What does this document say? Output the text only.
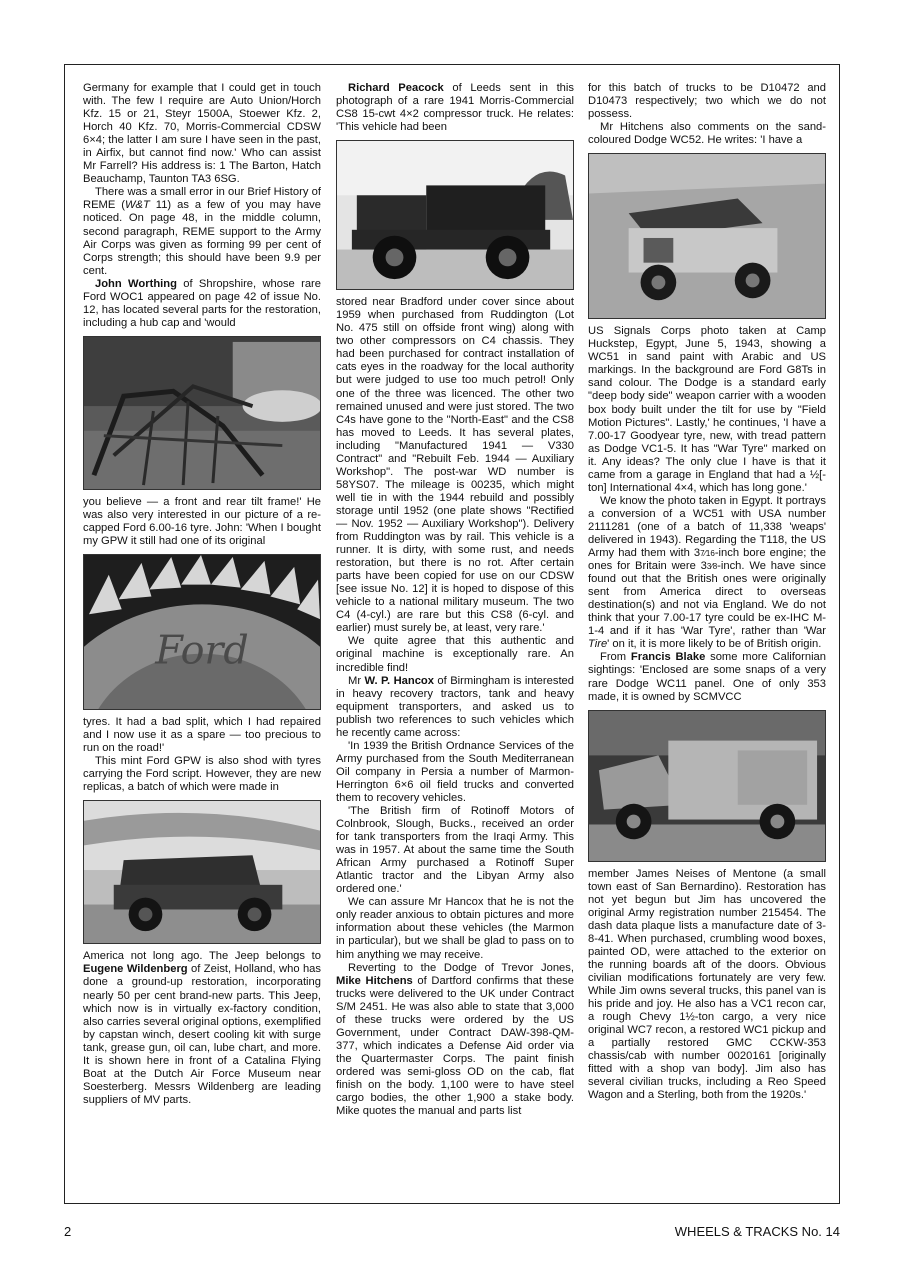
Germany for example that I could get in touch with. The few I require are Auto Union/Horch Kfz. 15 or 21, Steyr 1500A, Stoewer Kfz. 2, Horch 40 Kfz. 70, Morris-Commercial CDSW 6×4; the latter I am sure I have seen in the past, in Airfix, but cannot find now.' Who can assist Mr Farrell? His address is: 1 The Barton, Hatch Beauchamp, Taunton TA3 6SG.

There was a small error in our Brief History of REME (W&T 11) as a few of you may have noticed. On page 48, in the middle column, second paragraph, REME support to the Army Air Corps was given as forming 99 per cent of Corps strength; this should have been 9.9 per cent.

John Worthing of Shropshire, whose rare Ford WOC1 appeared on page 42 of issue No. 12, has located several parts for the restoration, including a hub cap and 'would

you believe — a front and rear tilt frame!' He was also very interested in our picture of a re-capped Ford 6.00-16 tyre. John: 'When I bought my GPW it still had one of its original

Ford

tyres. It had a bad split, which I had repaired and I now use it as a spare — too precious to run on the road!'

This mint Ford GPW is also shod with tyres carrying the Ford script. However, they are new replicas, a batch of which were made in

America not long ago. The Jeep belongs to Eugene Wildenberg of Zeist, Holland, who has done a ground-up restoration, incorporating nearly 50 per cent brand-new parts. This Jeep, which now is in virtually ex-factory condition, also carries several original options, exemplified by capstan winch, desert cooling kit with surge tank, grease gun, oil can, lube chart, and more. It is shown here in front of a Catalina Flying Boat at the Dutch Air Force Museum near Soesterberg. Messrs Wildenberg are leading suppliers of MV parts.

Richard Peacock of Leeds sent in this photograph of a rare 1941 Morris-Commercial CS8 15-cwt 4×2 compressor truck. He relates: 'This vehicle had been

stored near Bradford under cover since about 1959 when purchased from Ruddington (Lot No. 475 still on offside front wing) along with two other compressors on C4 chassis. They had been purchased for contract installation of cats eyes in the roadway for the local authority but were judged to use too much petrol! Only one of the three was licenced. The other two remained unused and were just stored. The two C4s have gone to the "North-East" and the CS8 has moved to Leeds. It has several plates, including "Manufactured 1941 — V330 Contract" and "Rebuilt Feb. 1944 — Auxiliary Workshop". The post-war WD number is 58YS07. The mileage is 00235, which might well tie in with the 1944 rebuild and possibly storage until 1952 (one plate shows "Rectified — Nov. 1952 — Auxiliary Workshop"). Delivery from Ruddington was by rail. This vehicle is a runner. It is dirty, with some rust, and needs restoration, but there is no rot. After certain parts have been copied for use on our CDSW [see issue No. 12] it is hoped to dispose of this vehicle to a national military museum. The two C4 (4-cyl.) are rare but this CS8 (6-cyl. and earlier) must surely be, at least, very rare.'

We quite agree that this authentic and original machine is exceptionally rare. An incredible find!

Mr W. P. Hancox of Birmingham is interested in heavy recovery tractors, tank and heavy equipment transporters, and asked us to publish two references to such vehicles which he recently came across:

'In 1939 the British Ordnance Services of the Army purchased from the South Mediterranean Oil company in Persia a number of Marmon-Herrington 6×6 oil field trucks and converted them to recovery vehicles.

'The British firm of Rotinoff Motors of Colnbrook, Slough, Bucks., received an order for tank transporters from the Iraqi Army. This was in 1957. At about the same time the South African Army purchased a Rotinoff Super Atlantic tractor and the Libyan Army also ordered one.'

We can assure Mr Hancox that he is not the only reader anxious to obtain pictures and more information about these vehicles (the Marmon in particular), but we shall be glad to pass on to him anything we may receive.

Reverting to the Dodge of Trevor Jones, Mike Hitchens of Dartford confirms that these trucks were delivered to the UK under Contract S/M 2451. He was also able to state that 3,000 of these trucks were ordered by the US Government, under Contract DAW-398-QM-377, which indicates a Defense Aid order via the Quartermaster Corps. The paint finish ordered was semi-gloss OD on the cab, flat finish on the body. 1,100 were to have steel cargo bodies, the other 1,900 a stake body. Mike quotes the manual and parts list

for this batch of trucks to be D10472 and D10473 respectively; two which we do not possess.

Mr Hitchens also comments on the sand-coloured Dodge WC52. He writes: 'I have a

US Signals Corps photo taken at Camp Huckstep, Egypt, June 5, 1943, showing a WC51 in sand paint with Arabic and US markings. In the background are Ford G8Ts in sand colour. The Dodge is a standard early "deep body side" weapon carrier with a wooden box body built under the tilt for use by "Field Motion Pictures". Lastly,' he continues, 'I have a 7.00-17 Goodyear tyre, new, with tread pattern as Dodge VC1-5. It has "War Tyre" marked on it. Any ideas? The only clue I have is that it came from a garage in England that had a ½[-ton] International 4×4, which has long gone.'

We know the photo taken in Egypt. It portrays a conversion of a WC51 with USA number 2111281 (one of a batch of 11,338 'weaps' delivered in 1943). Regarding the T118, the US Army had them with 37⁄16-inch bore engine; the ones for Britain were 33⁄8-inch. We have since found out that the British ones were originally sent from America direct to overseas destination(s) and not via England. We do not think that your 7.00-17 tyre could be ex-IHC M-1-4 and if it has 'War Tyre', rather than 'War Tire' on it, it is more likely to be of British origin.

From Francis Blake some more Californian sightings: 'Enclosed are some snaps of a very rare Dodge WC11 panel. One of only 353 made, it is owned by SCMVCC

member James Neises of Mentone (a small town east of San Bernardino). Restoration has not yet begun but Jim has uncovered the original Army registration number 215454. The dash data plaque lists a manufacture date of 3-8-41. When purchased, crumbling wood boxes, painted OD, were attached to the exterior on the running boards aft of the doors. Obvious civilian modifications fortunately are very few. While Jim owns several trucks, this panel van is his pride and joy. He also has a VC1 recon car, a rough Chevy 1½-ton cargo, a very nice original WC7 recon, a restored WC1 pickup and a partially restored GMC CCKW-353 chassis/cab with number 0020161 [originally fitted with a shop van body]. Jim also has several civilian trucks, including a Reo Speed Wagon and a Sterling, both from the 1920s.'

2	WHEELS & TRACKS No. 14
